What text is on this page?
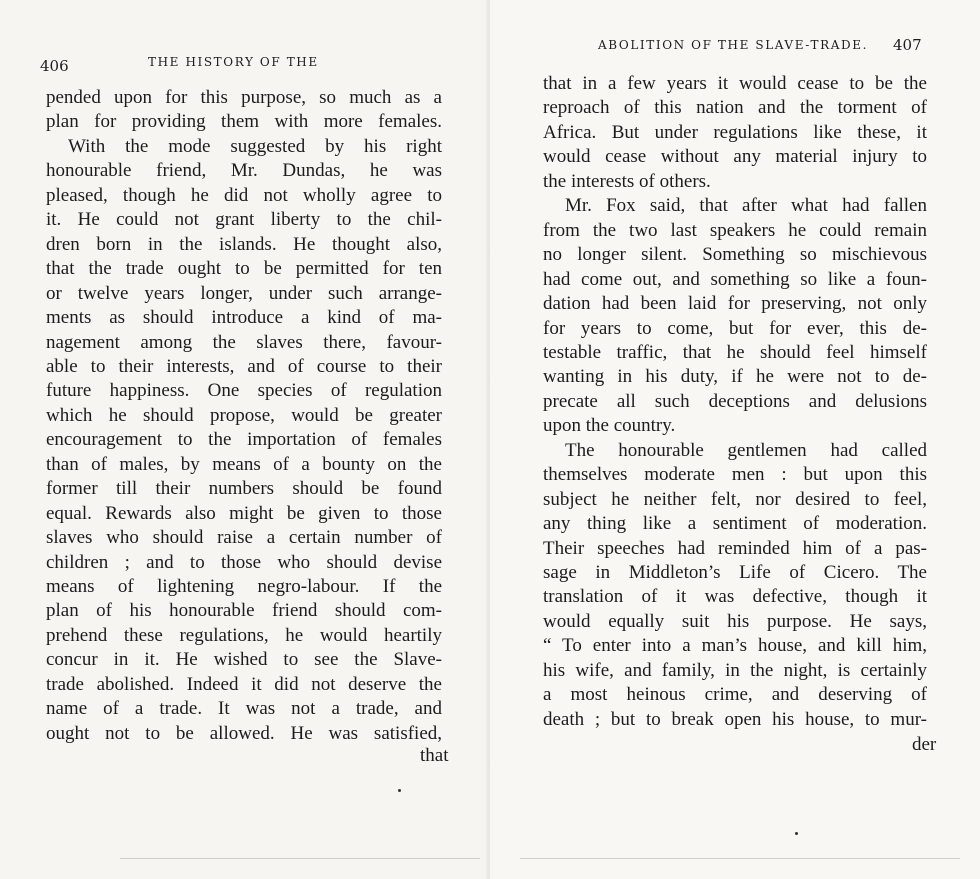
406	THE HISTORY OF THE
pended upon for this purpose, so much as a
plan for providing them with more females.
With the mode suggested by his right
honourable friend, Mr. Dundas, he was
pleased, though he did not wholly agree to
it. He could not grant liberty to the chil-
dren born in the islands. He thought also,
that the trade ought to be permitted for ten
or twelve years longer, under such arrange-
ments as should introduce a kind of ma-
nagement among the slaves there, favour-
able to their interests, and of course to their
future happiness. One species of regulation
which he should propose, would be greater
encouragement to the importation of females
than of males, by means of a bounty on the
former till their numbers should be found
equal. Rewards also might be given to those
slaves who should raise a certain number of
children ; and to those who should devise
means of lightening negro-labour. If the
plan of his honourable friend should com-
prehend these regulations, he would heartily
concur in it. He wished to see the Slave-
trade abolished. Indeed it did not deserve the
name of a trade. It was not a trade, and
ought not to be allowed. He was satisfied,
that
ABOLITION OF THE SLAVE-TRADE. 407
that in a few years it would cease to be the
reproach of this nation and the torment of
Africa. But under regulations like these, it
would cease without any material injury to
the interests of others.
Mr. Fox said, that after what had fallen
from the two last speakers he could remain
no longer silent. Something so mischievous
had come out, and something so like a foun-
dation had been laid for preserving, not only
for years to come, but for ever, this de-
testable traffic, that he should feel himself
wanting in his duty, if he were not to de-
precate all such deceptions and delusions
upon the country.
The honourable gentlemen had called
themselves moderate men : but upon this
subject he neither felt, nor desired to feel,
any thing like a sentiment of moderation.
Their speeches had reminded him of a pas-
sage in Middleton’s Life of Cicero. The
translation of it was defective, though it
would equally suit his purpose. He says,
“ To enter into a man’s house, and kill him,
his wife, and family, in the night, is certainly
a most heinous crime, and deserving of
death ; but to break open his house, to mur-
der
